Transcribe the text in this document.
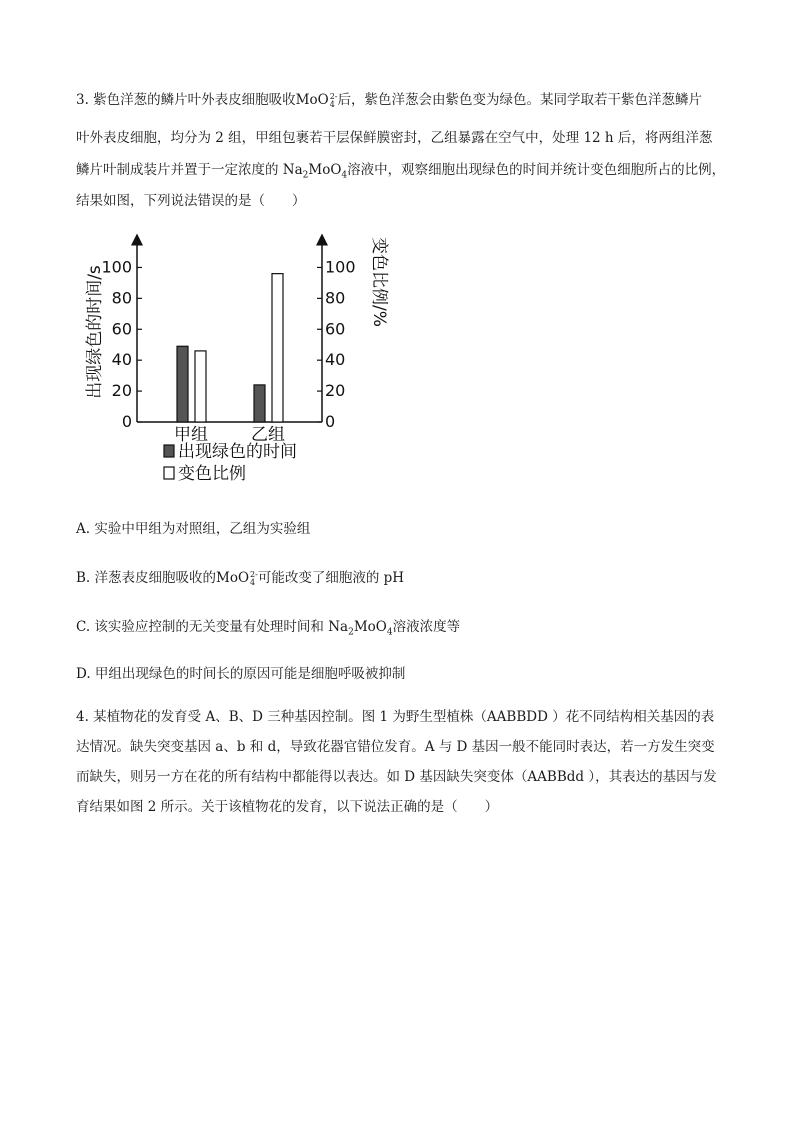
3. 紫色洋葱的鳞片叶外表皮细胞吸收MoO 2-
4 后，紫色洋葱会由紫色变为绿色。某同学取若干紫色洋葱鳞片
叶外表皮细胞，均分为 2 组，甲组包裹若干层保鲜膜密封，乙组暴露在空气中，处理 12 h 后，将两组洋葱
鳞片叶制成装片并置于一定浓度的 $Na_2MoO_4$溶液中，观察细胞出现绿色的时间并统计变色细胞所占的比例，
结果如图，下列说法错误的是（　　）
0
20
40
60
80
100
20
40
60
80
100
0
甲组	乙组
出现绿色的时间/s	变色比例/%
出现绿色的时间
变色比例
A. 实验中甲组为对照组，乙组为实验组
B. 洋葱表皮细胞吸收的MoO 2-
4 可能改变了细胞液的 pH
C. 该实验应控制的无关变量有处理时间和 $Na_2MoO_4$溶液浓度等
D. 甲组出现绿色的时间长的原因可能是细胞呼吸被抑制
4. 某植物花的发育受 A、B、D 三种基因控制。图 1 为野生型植株（AABBDD ）花不同结构相关基因的表
达情况。缺失突变基因 a、b 和 d，导致花器官错位发育。A 与 D 基因一般不能同时表达，若一方发生突变
而缺失，则另一方在花的所有结构中都能得以表达。如 D 基因缺失突变体（AABBdd ），其表达的基因与发
育结果如图 2 所示。关于该植物花的发育，以下说法正确的是（　　）
